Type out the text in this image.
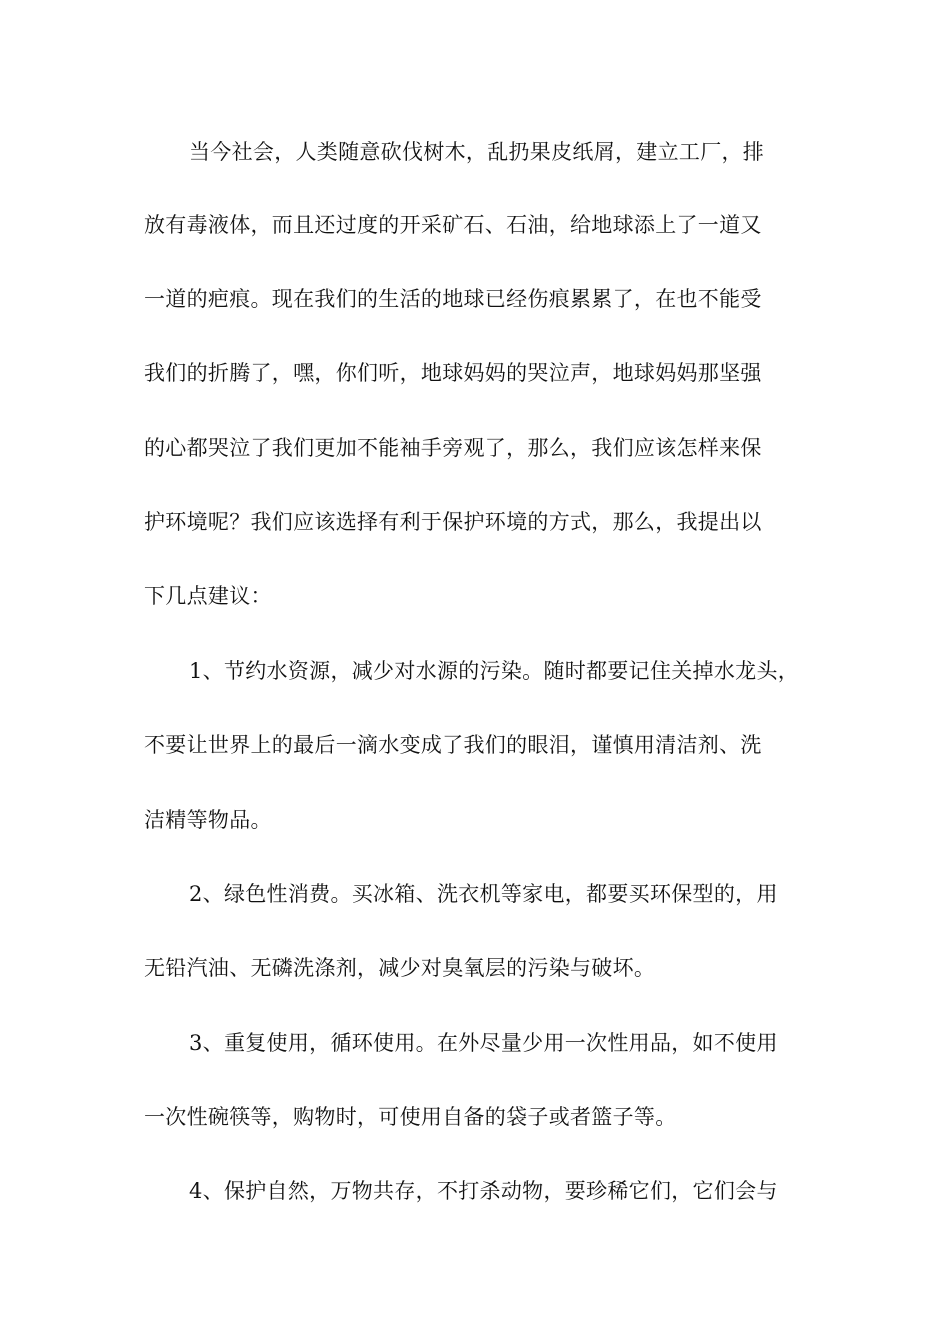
当今社会，人类随意砍伐树木，乱扔果皮纸屑，建立工厂，排
放有毒液体，而且还过度的开采矿石、石油，给地球添上了一道又
一道的疤痕。现在我们的生活的地球已经伤痕累累了，在也不能受
我们的折腾了，嘿，你们听，地球妈妈的哭泣声，地球妈妈那坚强
的心都哭泣了我们更加不能袖手旁观了，那么，我们应该怎样来保
护环境呢？我们应该选择有利于保护环境的方式，那么，我提出以
下几点建议：
1、节约水资源，减少对水源的污染。随时都要记住关掉水龙头，
不要让世界上的最后一滴水变成了我们的眼泪，谨慎用清洁剂、洗
洁精等物品。
2、绿色性消费。买冰箱、洗衣机等家电，都要买环保型的，用
无铅汽油、无磷洗涤剂，减少对臭氧层的污染与破坏。
3、重复使用，循环使用。在外尽量少用一次性用品，如不使用
一次性碗筷等，购物时，可使用自备的袋子或者篮子等。
4、保护自然，万物共存，不打杀动物，要珍稀它们，它们会与
